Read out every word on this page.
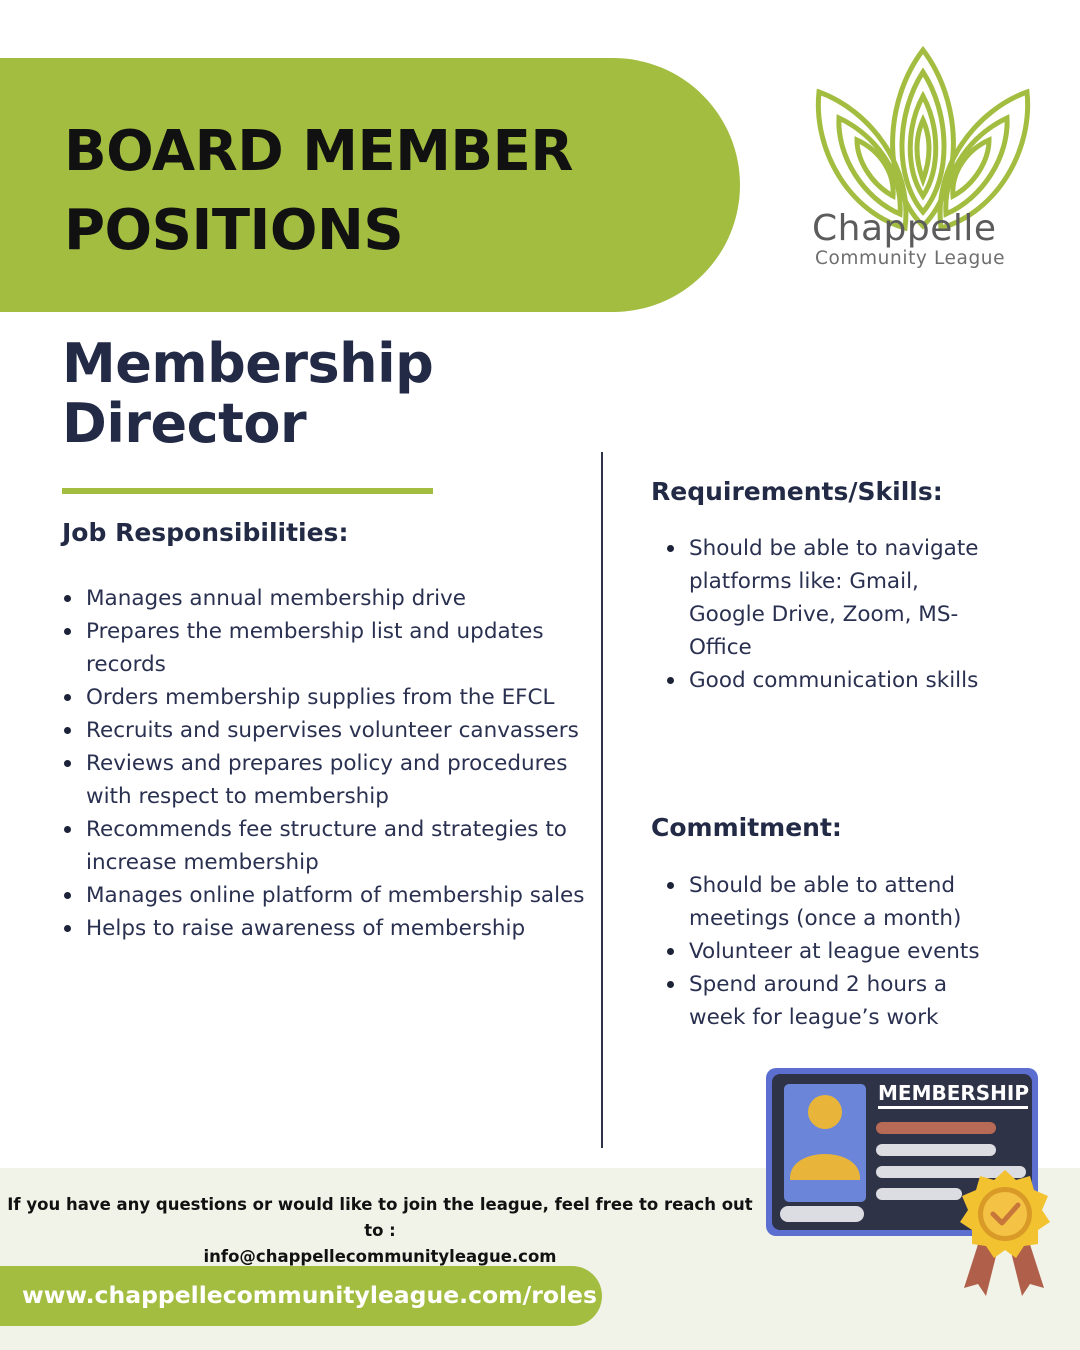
BOARD MEMBER POSITIONS	Chappelle
Community League
Membership Director
Job Responsibilities:
Manages annual membership drive
Prepares the membership list and updates records
Orders membership supplies from the EFCL
Recruits and supervises volunteer canvassers
Reviews and prepares policy and procedures with respect to membership
Recommends fee structure and strategies to increase membership
Manages online platform of membership sales
Helps to raise awareness of membership
Requirements/Skills:
Should be able to navigate platforms like: Gmail, Google Drive, Zoom, MS-Office
Good communication skills
Commitment:
Should be able to attend meetings (once a month)
Volunteer at league events
Spend around 2 hours a week for league’s work
MEMBERSHIP
If you have any questions or would like to join the league, feel free to reach out to :
info@chappellecommunityleague.com
www.chappellecommunityleague.com/roles
